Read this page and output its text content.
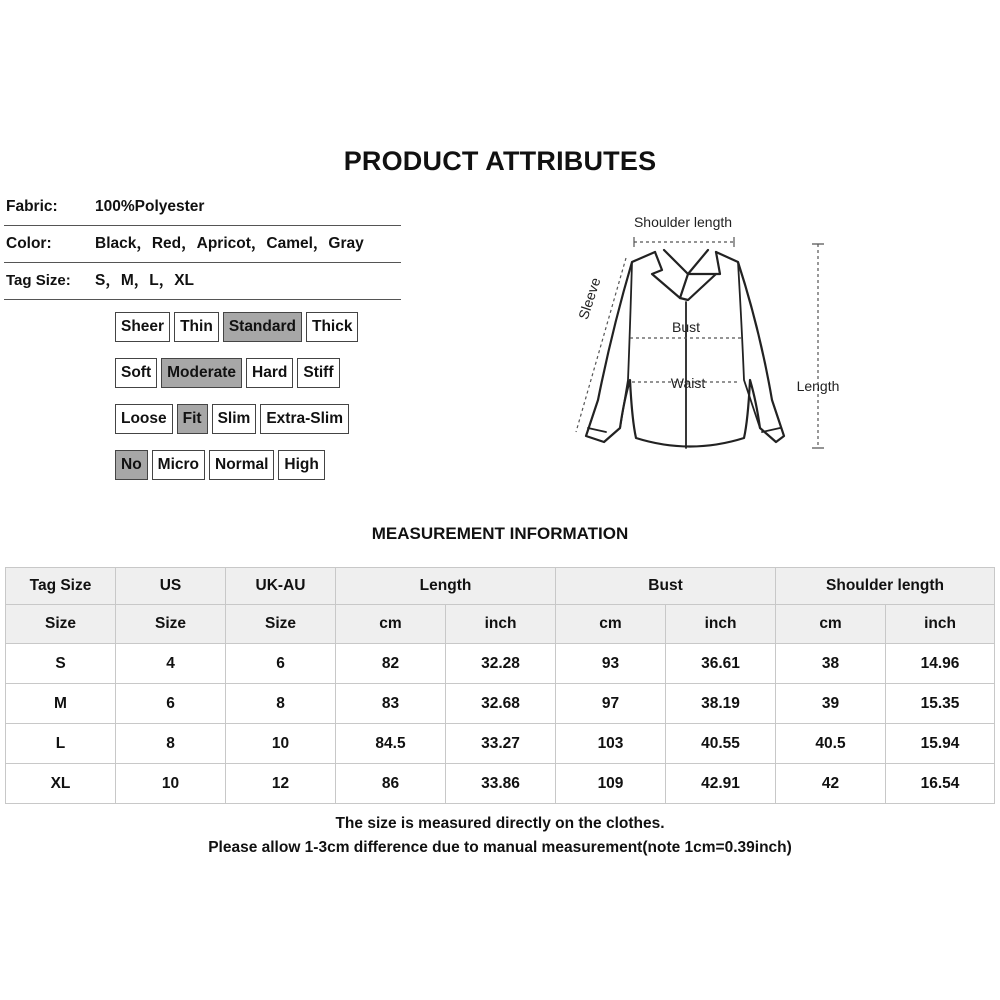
PRODUCT ATTRIBUTES
Fabric: 100%Polyester
Color:	Black，Red，Apricot，Camel，Gray
Tag Size: S，M，L，XL
Sheer	Thin	Standard	Thick
Soft	Moderate	Hard	Stiff
Loose	Fit	Slim	Extra-Slim
No	Micro	Normal	High
Shoulder length
Sleeve
Bust
Waist	Length
MEASUREMENT INFORMATION
Tag Size	US	UK-AU	Length		Bust		Shoulder length	
Size	Size	Size	cm	inch	cm	inch	cm	inch
S	4	6	82	32.28	93	36.61	38	14.96
M	6	8	83	32.68	97	38.19	39	15.35
L	8	10	84.5	33.27	103	40.55	40.5	15.94
XL	10	12	86	33.86	109	42.91	42	16.54
The size is measured directly on the clothes.
Please allow 1-3cm difference due to manual measurement(note 1cm=0.39inch)
